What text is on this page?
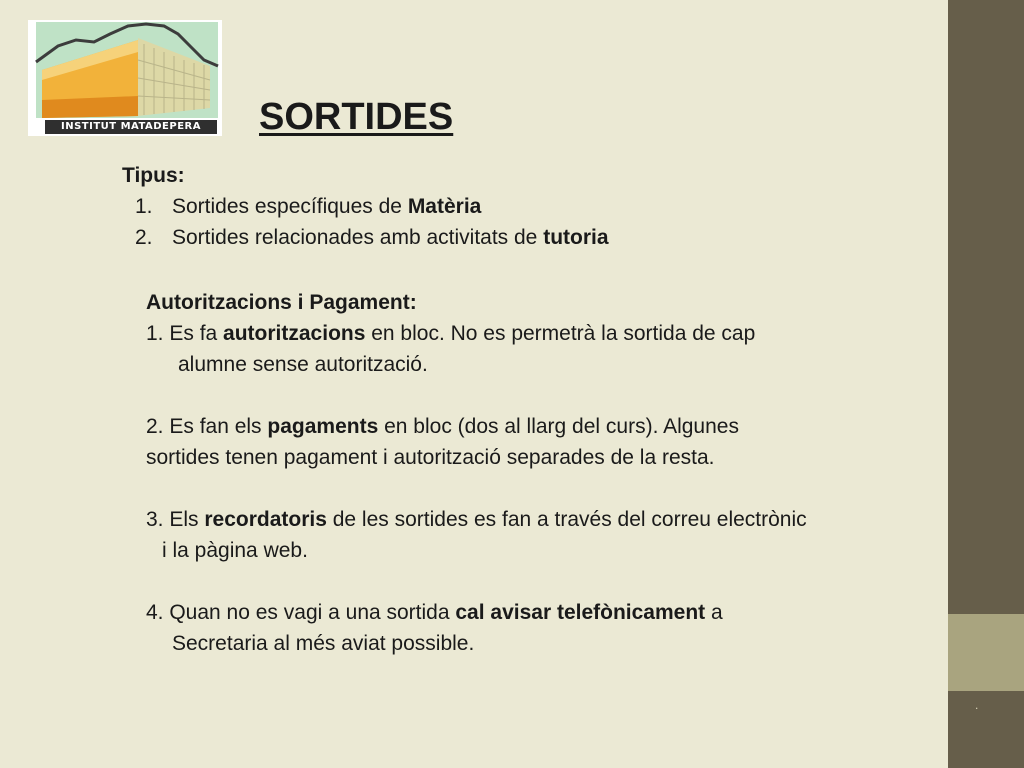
.
INSTITUT MATADEPERA	SORTIDES
Tipus:
1. Sortides específiques de Matèria
2. Sortides relacionades amb activitats de tutoria
Autoritzacions i Pagament:
1. Es fa autoritzacions en bloc. No es permetrà la sortida de cap
alumne sense autorització.
2. Es fan els pagaments en bloc (dos al llarg del curs). Algunes
sortides tenen pagament i autorització separades de la resta.
3. Els recordatoris de les sortides es fan a través del correu electrònic
i la pàgina web.
4. Quan no es vagi a una sortida cal avisar telefònicament a
Secretaria al més aviat possible.
